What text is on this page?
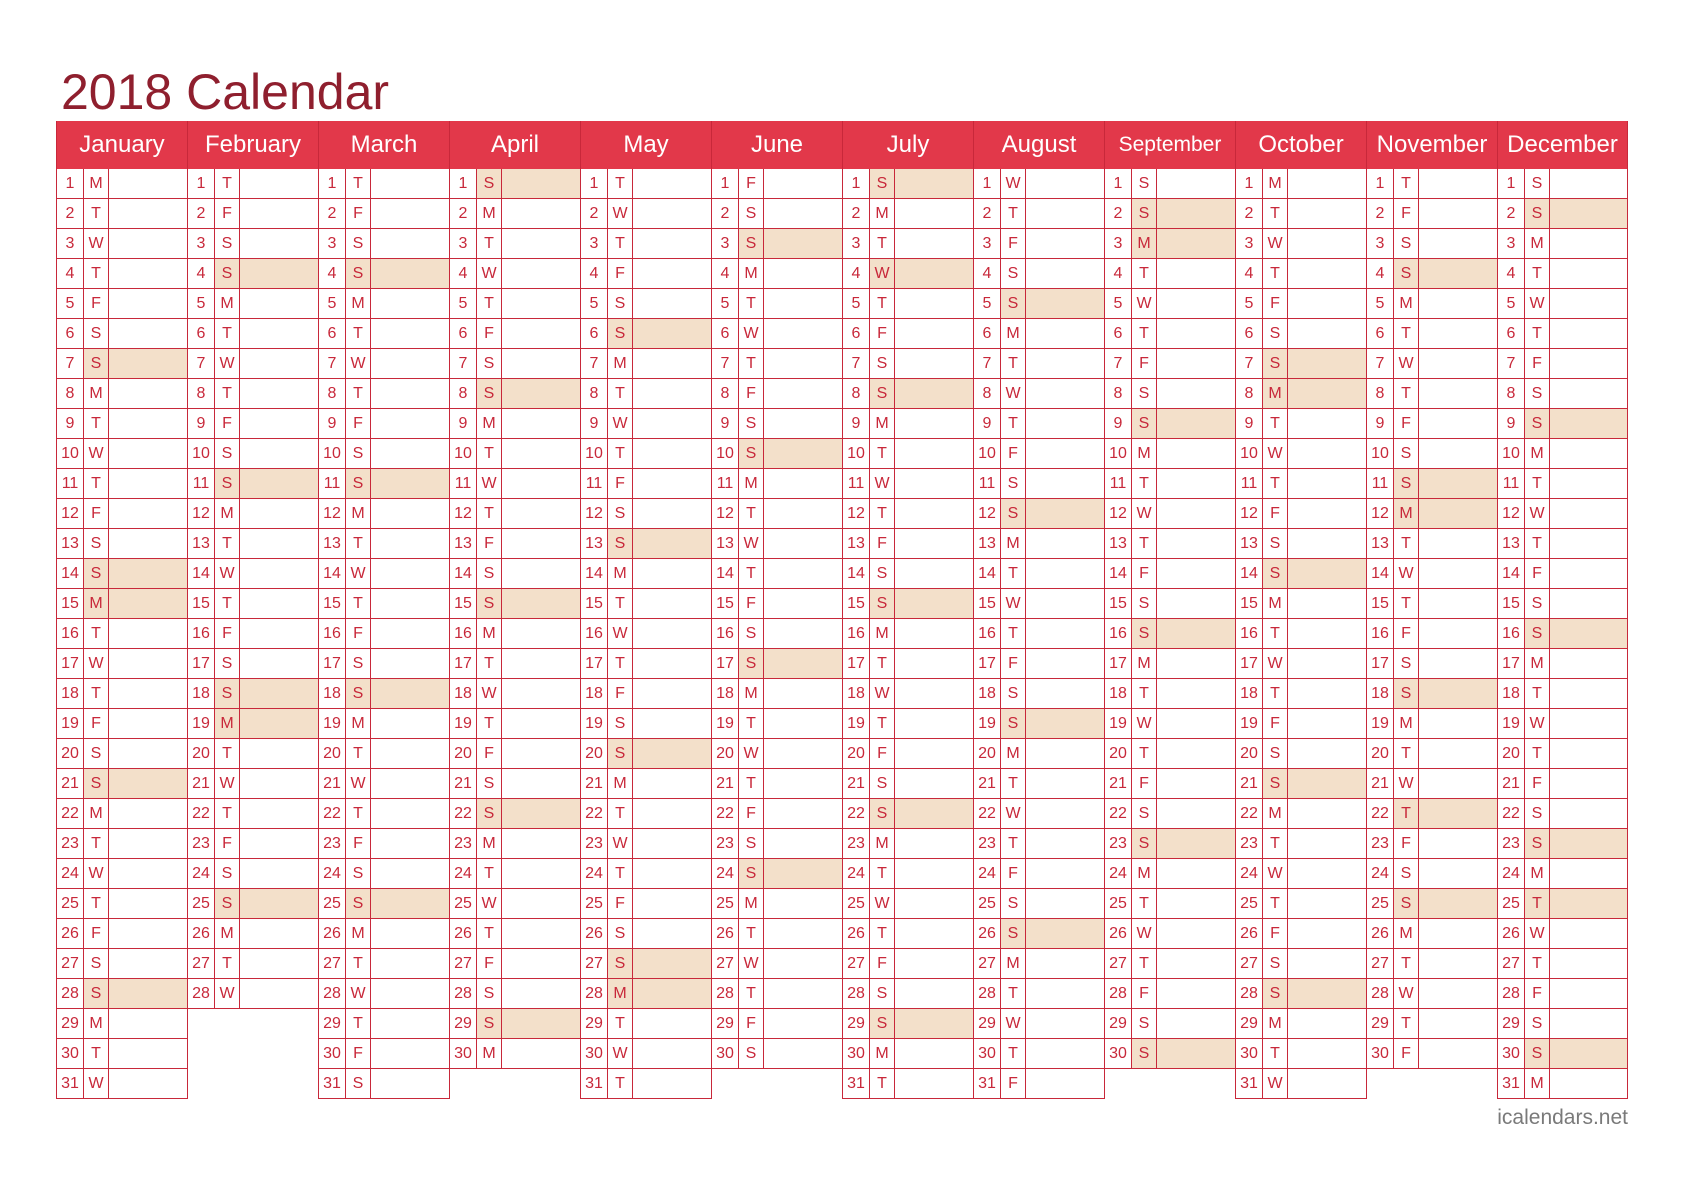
2018 Calendar
January
1 M
2	T
3 W
4	T
5	F
6	S
7	S
8 M
9	T
10 W
11 T
12 F
13 S
14 S
15 M
16 T
17 W
18 T
19 F
20 S
21 S
22 M
23 T
24 W
25 T
26 F
27 S
28 S
29 M
30 T
31 W
February
1	T
2	F
3	S
4	S
5 M
6	T
7 W
8	T
9	F
10 S
11 S
12 M
13 T
14 W
15 T
16 F
17 S
18 S
19 M
20 T
21 W
22 T
23 F
24 S
25 S
26 M
27 T
28 W
March
1	T
2	F
3	S
4	S
5 M
6	T
7 W
8	T
9	F
10 S
11 S
12 M
13 T
14 W
15 T
16 F
17 S
18 S
19 M
20 T
21 W
22 T
23 F
24 S
25 S
26 M
27 T
28 W
29 T
30 F
31 S
April
1	S
2 M
3	T
4 W
5	T
6	F
7	S
8	S
9 M
10 T
11 W
12 T
13 F
14 S
15 S
16 M
17 T
18 W
19 T
20 F
21 S
22 S
23 M
24 T
25 W
26 T
27 F
28 S
29 S
30 M
May
1	T
2 W
3	T
4	F
5	S
6	S
7 M
8	T
9 W
10 T
11 F
12 S
13 S
14 M
15 T
16 W
17 T
18 F
19 S
20 S
21 M
22 T
23 W
24 T
25 F
26 S
27 S
28 M
29 T
30 W
31 T
June
1	F
2	S
3	S
4 M
5	T
6 W
7	T
8	F
9	S
10 S
11 M
12 T
13 W
14 T
15 F
16 S
17 S
18 M
19 T
20 W
21 T
22 F
23 S
24 S
25 M
26 T
27 W
28 T
29 F
30 S
July
1	S
2 M
3	T
4 W
5	T
6	F
7	S
8	S
9 M
10 T
11 W
12 T
13 F
14 S
15 S
16 M
17 T
18 W
19 T
20 F
21 S
22 S
23 M
24 T
25 W
26 T
27 F
28 S
29 S
30 M
31 T
August
1 W
2	T
3	F
4	S
5	S
6 M
7	T
8 W
9	T
10 F
11 S
12 S
13 M
14 T
15 W
16 T
17 F
18 S
19 S
20 M
21 T
22 W
23 T
24 F
25 S
26 S
27 M
28 T
29 W
30 T
31 F
September
1	S
2	S
3 M
4	T
5 W
6	T
7	F
8	S
9	S
10 M
11 T
12 W
13 T
14 F
15 S
16 S
17 M
18 T
19 W
20 T
21 F
22 S
23 S
24 M
25 T
26 W
27 T
28 F
29 S
30 S
October
1 M
2	T
3 W
4	T
5	F
6	S
7	S
8 M
9	T
10 W
11 T
12 F
13 S
14 S
15 M
16 T
17 W
18 T
19 F
20 S
21 S
22 M
23 T
24 W
25 T
26 F
27 S
28 S
29 M
30 T
31 W
November
1	T
2	F
3	S
4	S
5 M
6	T
7 W
8	T
9	F
10 S
11 S
12 M
13 T
14 W
15 T
16 F
17 S
18 S
19 M
20 T
21 W
22 T
23 F
24 S
25 S
26 M
27 T
28 W
29 T
30 F
December
1	S
2	S
3 M
4	T
5 W
6	T
7	F
8	S
9	S
10 M
11 T
12 W
13 T
14 F
15 S
16 S
17 M
18 T
19 W
20 T
21 F
22 S
23 S
24 M
25 T
26 W
27 T
28 F
29 S
30 S
31 M
icalendars.net
